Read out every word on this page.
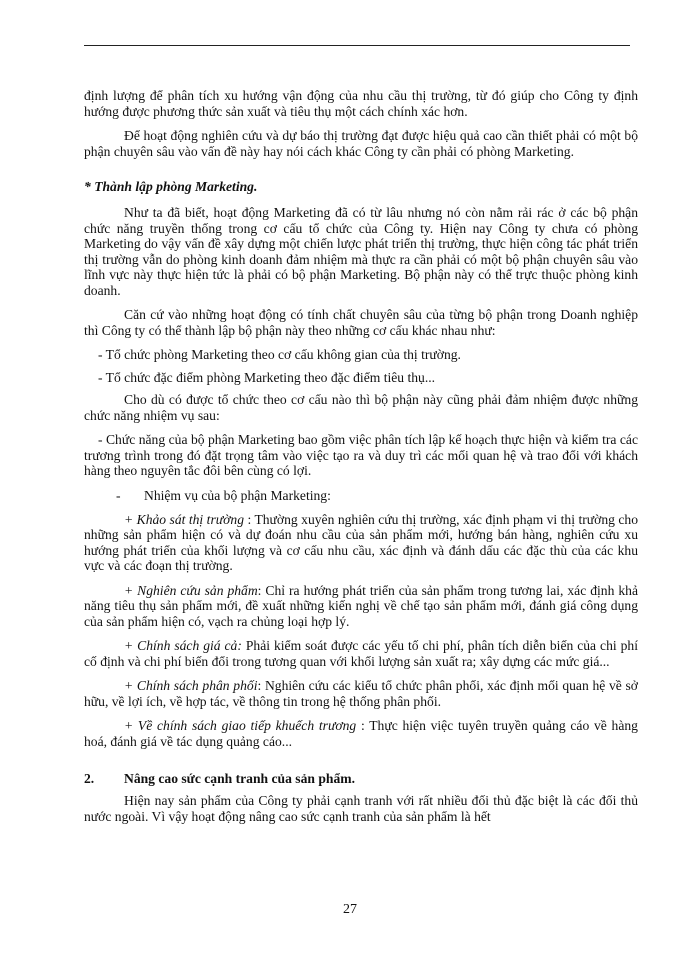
định lượng để phân tích xu hướng vận động của nhu cầu thị trường, từ đó giúp cho Công ty định hướng được phương thức sản xuất và tiêu thụ một cách chính xác hơn.

Để hoạt động nghiên cứu và dự báo thị trường đạt được hiệu quả cao cần thiết phải có một bộ phận chuyên sâu vào vấn đề này hay nói cách khác Công ty cần phải có phòng Marketing.

* Thành lập phòng Marketing.

Như ta đã biết, hoạt động Marketing đã có từ lâu nhưng nó còn nằm rải rác ở các bộ phận chức năng truyền thống trong cơ cấu tổ chức của Công ty. Hiện nay Công ty chưa có phòng Marketing do vậy vấn đề xây dựng một chiến lược phát triển thị trường, thực hiện công tác phát triển thị trường vẫn do phòng kinh doanh đảm nhiệm mà thực ra cần phải có một bộ phận chuyên sâu vào lĩnh vực này thực hiện tức là phải có bộ phận Marketing. Bộ phận này có thể trực thuộc phòng kinh doanh.

Căn cứ vào những hoạt động có tính chất chuyên sâu của từng bộ phận trong Doanh nghiệp thì Công ty có thể thành lập bộ phận này theo những cơ cấu khác nhau như:

- Tổ chức phòng Marketing theo cơ cấu không gian của thị trường.

- Tổ chức đặc điểm phòng Marketing theo đặc điểm tiêu thụ...

Cho dù có được tổ chức theo cơ cấu nào thì bộ phận này cũng phải đảm nhiệm được những chức năng nhiệm vụ sau:

- Chức năng của bộ phận Marketing bao gồm việc phân tích lập kế hoạch thực hiện và kiểm tra các trương trình trong đó đặt trọng tâm vào việc tạo ra và duy trì các mối quan hệ và trao đổi với khách hàng theo nguyên tắc đôi bên cùng có lợi.

-	Nhiệm vụ của bộ phận Marketing:

+ Khảo sát thị trường : Thường xuyên nghiên cứu thị trường, xác định phạm vi thị trường cho những sản phẩm hiện có và dự đoán nhu cầu của sản phẩm mới, hướng bán hàng, nghiên cứu xu hướng phát triển của khối lượng và cơ cấu nhu cầu, xác định và đánh dấu các đặc thù của các khu vực và các đoạn thị trường.

+ Nghiên cứu sản phẩm: Chỉ ra hướng phát triển của sản phẩm trong tương lai, xác định khả năng tiêu thụ sản phẩm mới, đề xuất những kiến nghị về chế tạo sản phẩm mới, đánh giá công dụng của sản phẩm hiện có, vạch ra chủng loại hợp lý.

+ Chính sách giá cả: Phải kiểm soát được các yếu tố chi phí, phân tích diễn biến của chi phí cố định và chi phí biến đổi trong tương quan với khối lượng sản xuất ra; xây dựng các mức giá...

+ Chính sách phân phối: Nghiên cứu các kiểu tổ chức phân phối, xác định mối quan hệ về sở hữu, về lợi ích, về hợp tác, về thông tin trong hệ thống phân phối.

+ Về chính sách giao tiếp khuếch trương : Thực hiện việc tuyên truyền quảng cáo về hàng hoá, đánh giá về tác dụng quảng cáo...

2.	Nâng cao sức cạnh tranh của sản phẩm.

Hiện nay sản phẩm của Công ty phải cạnh tranh với rất nhiều đối thủ đặc biệt là các đối thủ nước ngoài. Vì vậy hoạt động nâng cao sức cạnh tranh của sản phẩm là hết

27
